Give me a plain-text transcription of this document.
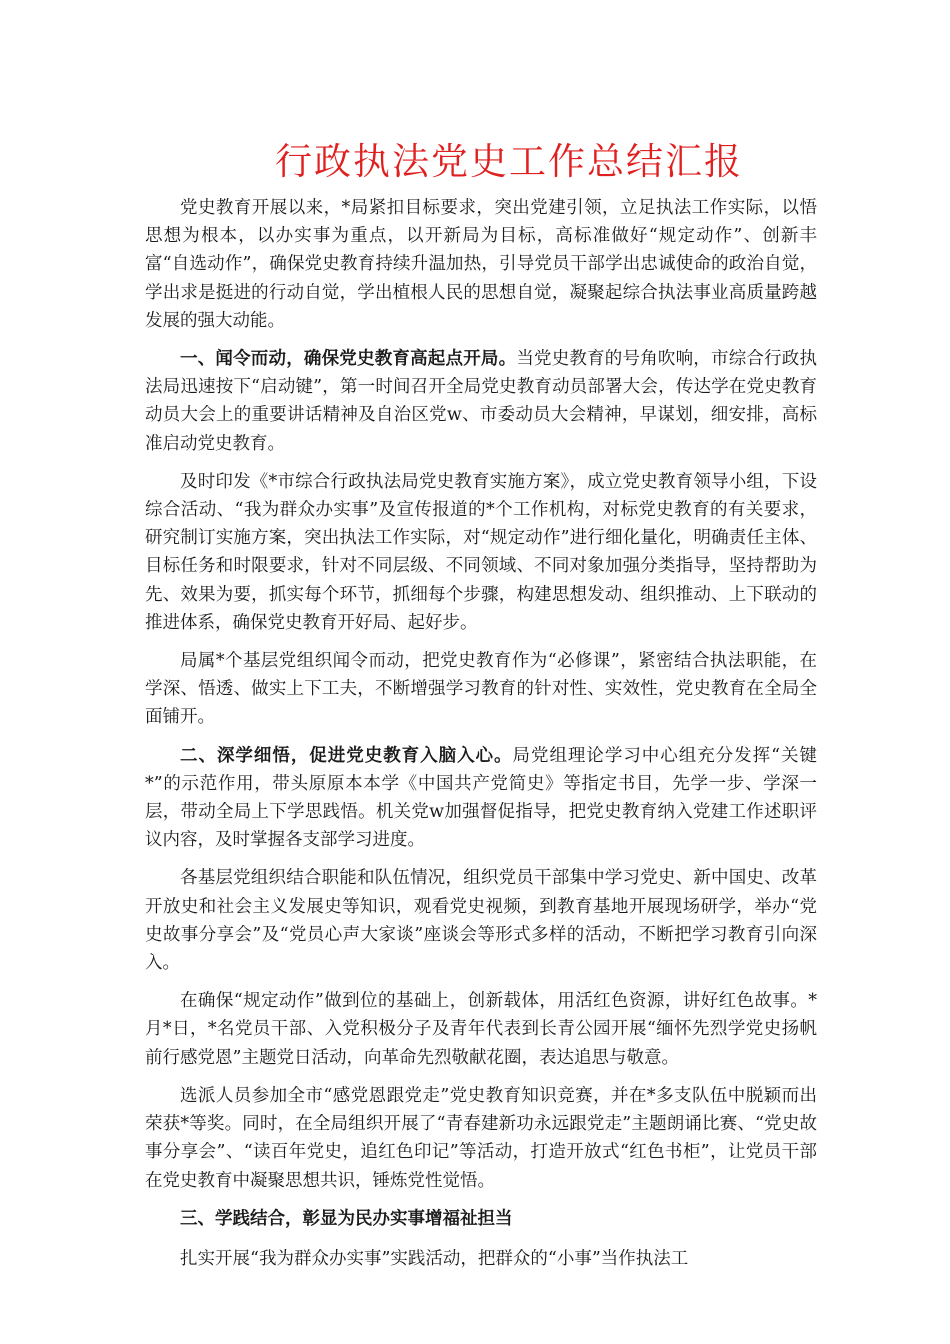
行政执法党史工作总结汇报

党史教育开展以来，*局紧扣目标要求，突出党建引领，立足执法工作实际，以悟思想为根本，以办实事为重点，以开新局为目标，高标准做好“规定动作”、创新丰富“自选动作”，确保党史教育持续升温加热，引导党员干部学出忠诚使命的政治自觉，学出求是挺进的行动自觉，学出植根人民的思想自觉，凝聚起综合执法事业高质量跨越发展的强大动能。

一、闻令而动，确保党史教育高起点开局。当党史教育的号角吹响，市综合行政执法局迅速按下“启动键”，第一时间召开全局党史教育动员部署大会，传达学在党史教育动员大会上的重要讲话精神及自治区党w、市委动员大会精神，早谋划，细安排，高标准启动党史教育。

及时印发《*市综合行政执法局党史教育实施方案》，成立党史教育领导小组，下设综合活动、“我为群众办实事”及宣传报道的*个工作机构，对标党史教育的有关要求，研究制订实施方案，突出执法工作实际，对“规定动作”进行细化量化，明确责任主体、目标任务和时限要求，针对不同层级、不同领域、不同对象加强分类指导，坚持帮助为先、效果为要，抓实每个环节，抓细每个步骤，构建思想发动、组织推动、上下联动的推进体系，确保党史教育开好局、起好步。

局属*个基层党组织闻令而动，把党史教育作为“必修课”，紧密结合执法职能，在学深、悟透、做实上下工夫，不断增强学习教育的针对性、实效性，党史教育在全局全面铺开。

二、深学细悟，促进党史教育入脑入心。局党组理论学习中心组充分发挥“关键*”的示范作用，带头原原本本学《中国共产党简史》等指定书目，先学一步、学深一层，带动全局上下学思践悟。机关党w加强督促指导，把党史教育纳入党建工作述职评议内容，及时掌握各支部学习进度。

各基层党组织结合职能和队伍情况，组织党员干部集中学习党史、新中国史、改革开放史和社会主义发展史等知识，观看党史视频，到教育基地开展现场研学，举办“党史故事分享会”及“党员心声大家谈”座谈会等形式多样的活动，不断把学习教育引向深入。

在确保“规定动作”做到位的基础上，创新载体，用活红色资源，讲好红色故事。*月*日，*名党员干部、入党积极分子及青年代表到长青公园开展“缅怀先烈学党史扬帆前行感党恩”主题党日活动，向革命先烈敬献花圈，表达追思与敬意。

选派人员参加全市“感党恩跟党走”党史教育知识竞赛，并在*多支队伍中脱颖而出荣获*等奖。同时，在全局组织开展了“青春建新功永远跟党走”主题朗诵比赛、“党史故事分享会”、“读百年党史，追红色印记”等活动，打造开放式“红色书柜”，让党员干部在党史教育中凝聚思想共识，锤炼党性觉悟。

三、学践结合，彰显为民办实事增福祉担当

扎实开展“我为群众办实事”实践活动，把群众的“小事”当作执法工
